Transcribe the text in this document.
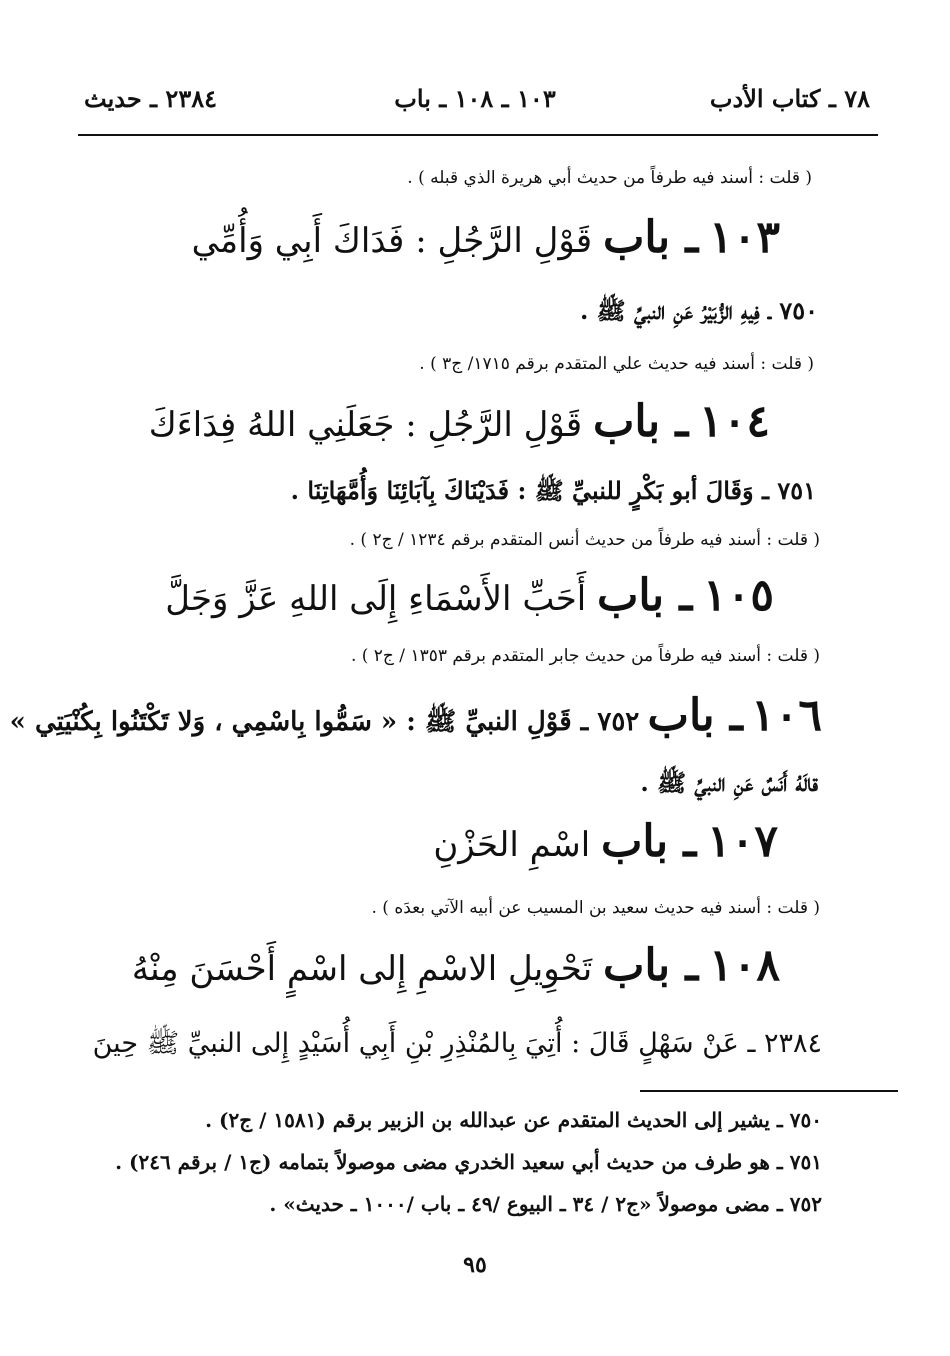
٧٨ ـ كتاب الأدب
١٠٣ ـ ١٠٨ ـ باب
٢٣٨٤ ـ حديث
( قلت : أسند فيه طرفاً من حديث أبي هريرة الذي قبله ) .
١٠٣ ـ باب قَوْلِ الرَّجُلِ : فَدَاكَ أَبِي وَأُمِّي
٧٥٠ ـ فِيهِ الزُّبَيْرُ عَنِ النبيِّ ﷺ .
( قلت : أسند فيه حديث علي المتقدم برقم ١٧١٥/ ج٣ ) .
١٠٤ ـ باب قَوْلِ الرَّجُلِ : جَعَلَنِي اللهُ فِدَاءَكَ
٧٥١ ـ وَقَالَ أبو بَكْرٍ للنبيِّ ﷺ : فَدَيْنَاكَ بِآبَائِنَا وَأُمَّهَاتِنَا .
( قلت : أسند فيه طرفاً من حديث أنس المتقدم برقم ١٢٣٤ / ج٢ ) .
١٠٥ ـ باب أَحَبِّ الأَسْمَاءِ إِلَى اللهِ عَزَّ وَجَلَّ
( قلت : أسند فيه طرفاً من حديث جابر المتقدم برقم ١٣٥٣ / ج٢ ) .
١٠٦ ـ باب ٧٥٢ ـ قَوْلِ النبيِّ ﷺ : « سَمُّوا بِاسْمِي ، وَلا تَكْتَنُوا بِكُنْيَتِي »
قالَهُ أَنَسٌ عَنِ النبيِّ ﷺ .
١٠٧ ـ باب اسْمِ الحَزْنِ
( قلت : أسند فيه حديث سعيد بن المسيب عن أبيه الآتي بعدَه ) .
١٠٨ ـ باب تَحْوِيلِ الاسْمِ إِلى اسْمٍ أَحْسَنَ مِنْهُ
٢٣٨٤ ـ عَنْ سَهْلٍ قَالَ : أُتِيَ بِالمُنْذِرِ بْنِ أَبِي أُسَيْدٍ إِلى النبيِّ ﷺ حِينَ
٧٥٠ ـ يشير إلى الحديث المتقدم عن عبدالله بن الزبير برقم (١٥٨١ / ج٢) .
٧٥١ ـ هو طرف من حديث أبي سعيد الخدري مضى موصولاً بتمامه (ج١ / برقم ٢٤٦) .
٧٥٢ ـ مضى موصولاً «ج٢ / ٣٤ ـ البيوع /٤٩ ـ باب /١٠٠٠ ـ حديث» .
٩٥
